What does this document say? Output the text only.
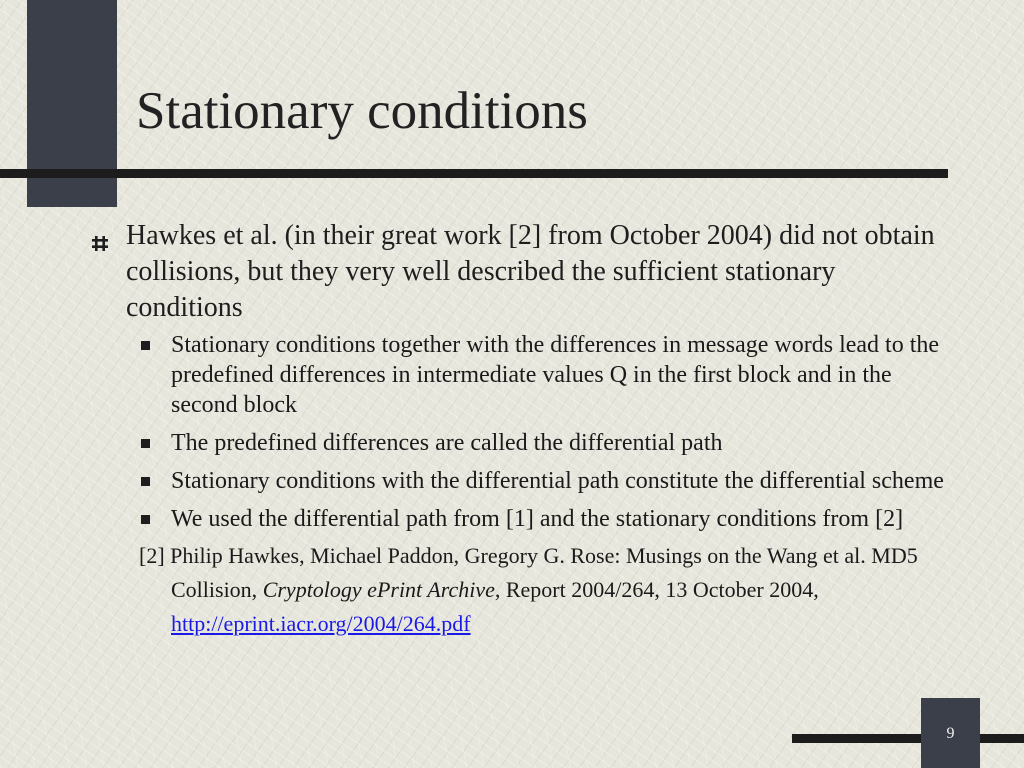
Stationary conditions
Hawkes et al. (in their great work [2] from October 2004) did not obtain collisions, but they very well described the sufficient stationary conditions
Stationary conditions together with the differences in message words lead to the predefined differences in intermediate values Q in the first block and in the second block
The predefined differences are called the differential path
Stationary conditions with the differential path constitute the differential scheme
We used the differential path from [1] and the stationary conditions from [2]
[2] Philip Hawkes, Michael Paddon, Gregory G. Rose: Musings on the Wang et al. MD5 Collision, Cryptology ePrint Archive, Report 2004/264, 13 October 2004, http://eprint.iacr.org/2004/264.pdf
9
